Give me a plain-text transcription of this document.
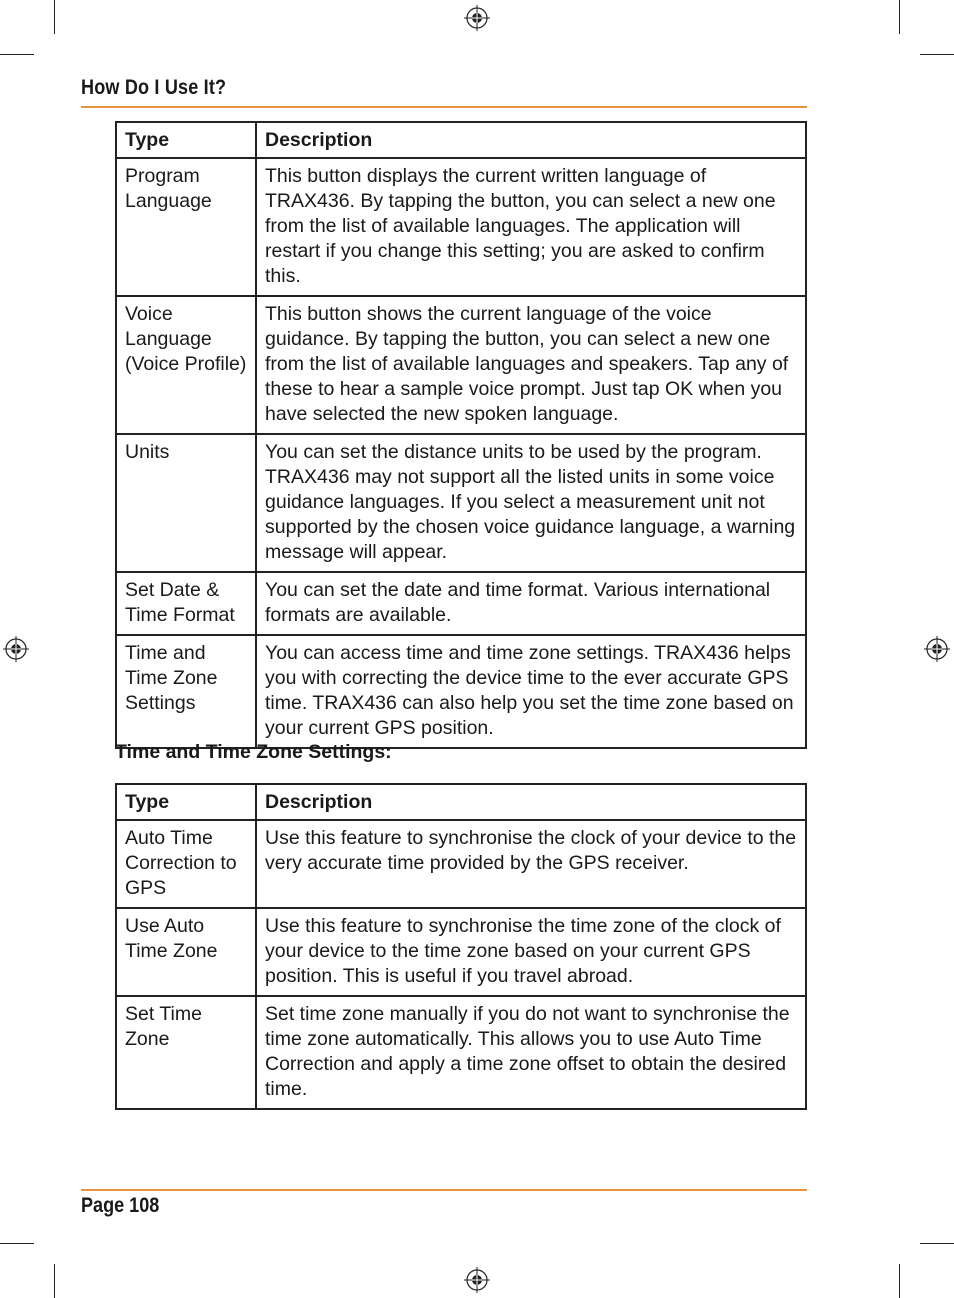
How Do I Use It?
Type	Description
Program Language	This button displays the current written language of TRAX436. By tapping the button, you can select a new one from the list of available languages. The application will restart if you change this setting; you are asked to confirm this.
Voice Language (Voice Profile)	This button shows the current language of the voice guidance. By tapping the button, you can select a new one from the list of available languages and speakers. Tap any of these to hear a sample voice prompt. Just tap OK when you have selected the new spoken language.
Units	You can set the distance units to be used by the program. TRAX436 may not support all the listed units in some voice guidance languages. If you select a measurement unit not supported by the chosen voice guidance language, a warning message will appear.
Set Date & Time Format	You can set the date and time format. Various international formats are available.
Time and Time Zone Settings	You can access time and time zone settings. TRAX436 helps you with correcting the device time to the ever accurate GPS time. TRAX436 can also help you set the time zone based on your current GPS position.
Time and Time Zone Settings:
Type	Description
Auto Time Correction to GPS	Use this feature to synchronise the clock of your device to the very accurate time provided by the GPS receiver.
Use Auto Time Zone	Use this feature to synchronise the time zone of the clock of your device to the time zone based on your current GPS position. This is useful if you travel abroad.
Set Time Zone	Set time zone manually if you do not want to synchronise the time zone automatically. This allows you to use Auto Time Correction and apply a time zone offset to obtain the desired time.
Page 108
